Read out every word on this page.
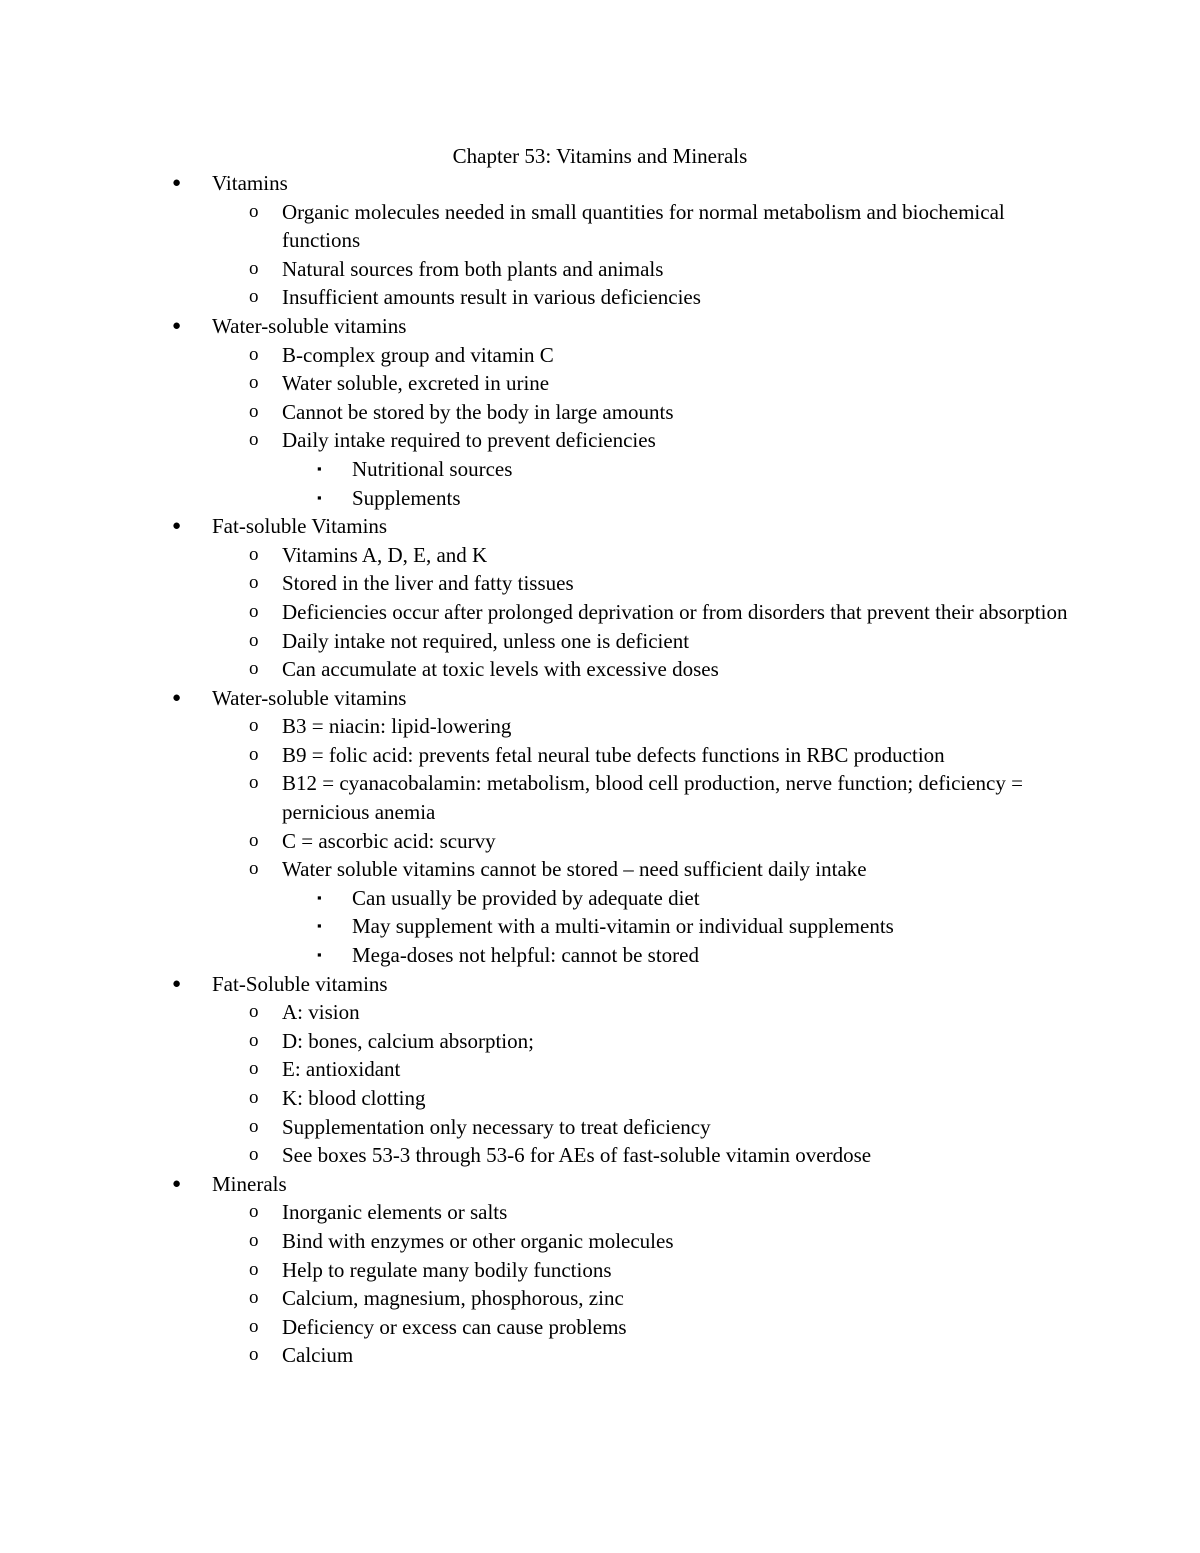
Chapter 53: Vitamins and Minerals
● Vitamins
o Organic molecules needed in small quantities for normal metabolism and biochemical functions
o Natural sources from both plants and animals
o Insufficient amounts result in various deficiencies
● Water-soluble vitamins
o B-complex group and vitamin C
o Water soluble, excreted in urine
o Cannot be stored by the body in large amounts
o Daily intake required to prevent deficiencies
▪ Nutritional sources
▪ Supplements
● Fat-soluble Vitamins
o Vitamins A, D, E, and K
o Stored in the liver and fatty tissues
o Deficiencies occur after prolonged deprivation or from disorders that prevent their absorption
o Daily intake not required, unless one is deficient
o Can accumulate at toxic levels with excessive doses
● Water-soluble vitamins
o B3 = niacin: lipid-lowering
o B9 = folic acid: prevents fetal neural tube defects functions in RBC production
o B12 = cyanacobalamin: metabolism, blood cell production, nerve function; deficiency = pernicious anemia
o C = ascorbic acid: scurvy
o Water soluble vitamins cannot be stored – need sufficient daily intake
▪ Can usually be provided by adequate diet
▪ May supplement with a multi-vitamin or individual supplements
▪ Mega-doses not helpful: cannot be stored
● Fat-Soluble vitamins
o A: vision
o D: bones, calcium absorption;
o E: antioxidant
o K: blood clotting
o Supplementation only necessary to treat deficiency
o See boxes 53-3 through 53-6 for AEs of fast-soluble vitamin overdose
● Minerals
o Inorganic elements or salts
o Bind with enzymes or other organic molecules
o Help to regulate many bodily functions
o Calcium, magnesium, phosphorous, zinc
o Deficiency or excess can cause problems
o Calcium
